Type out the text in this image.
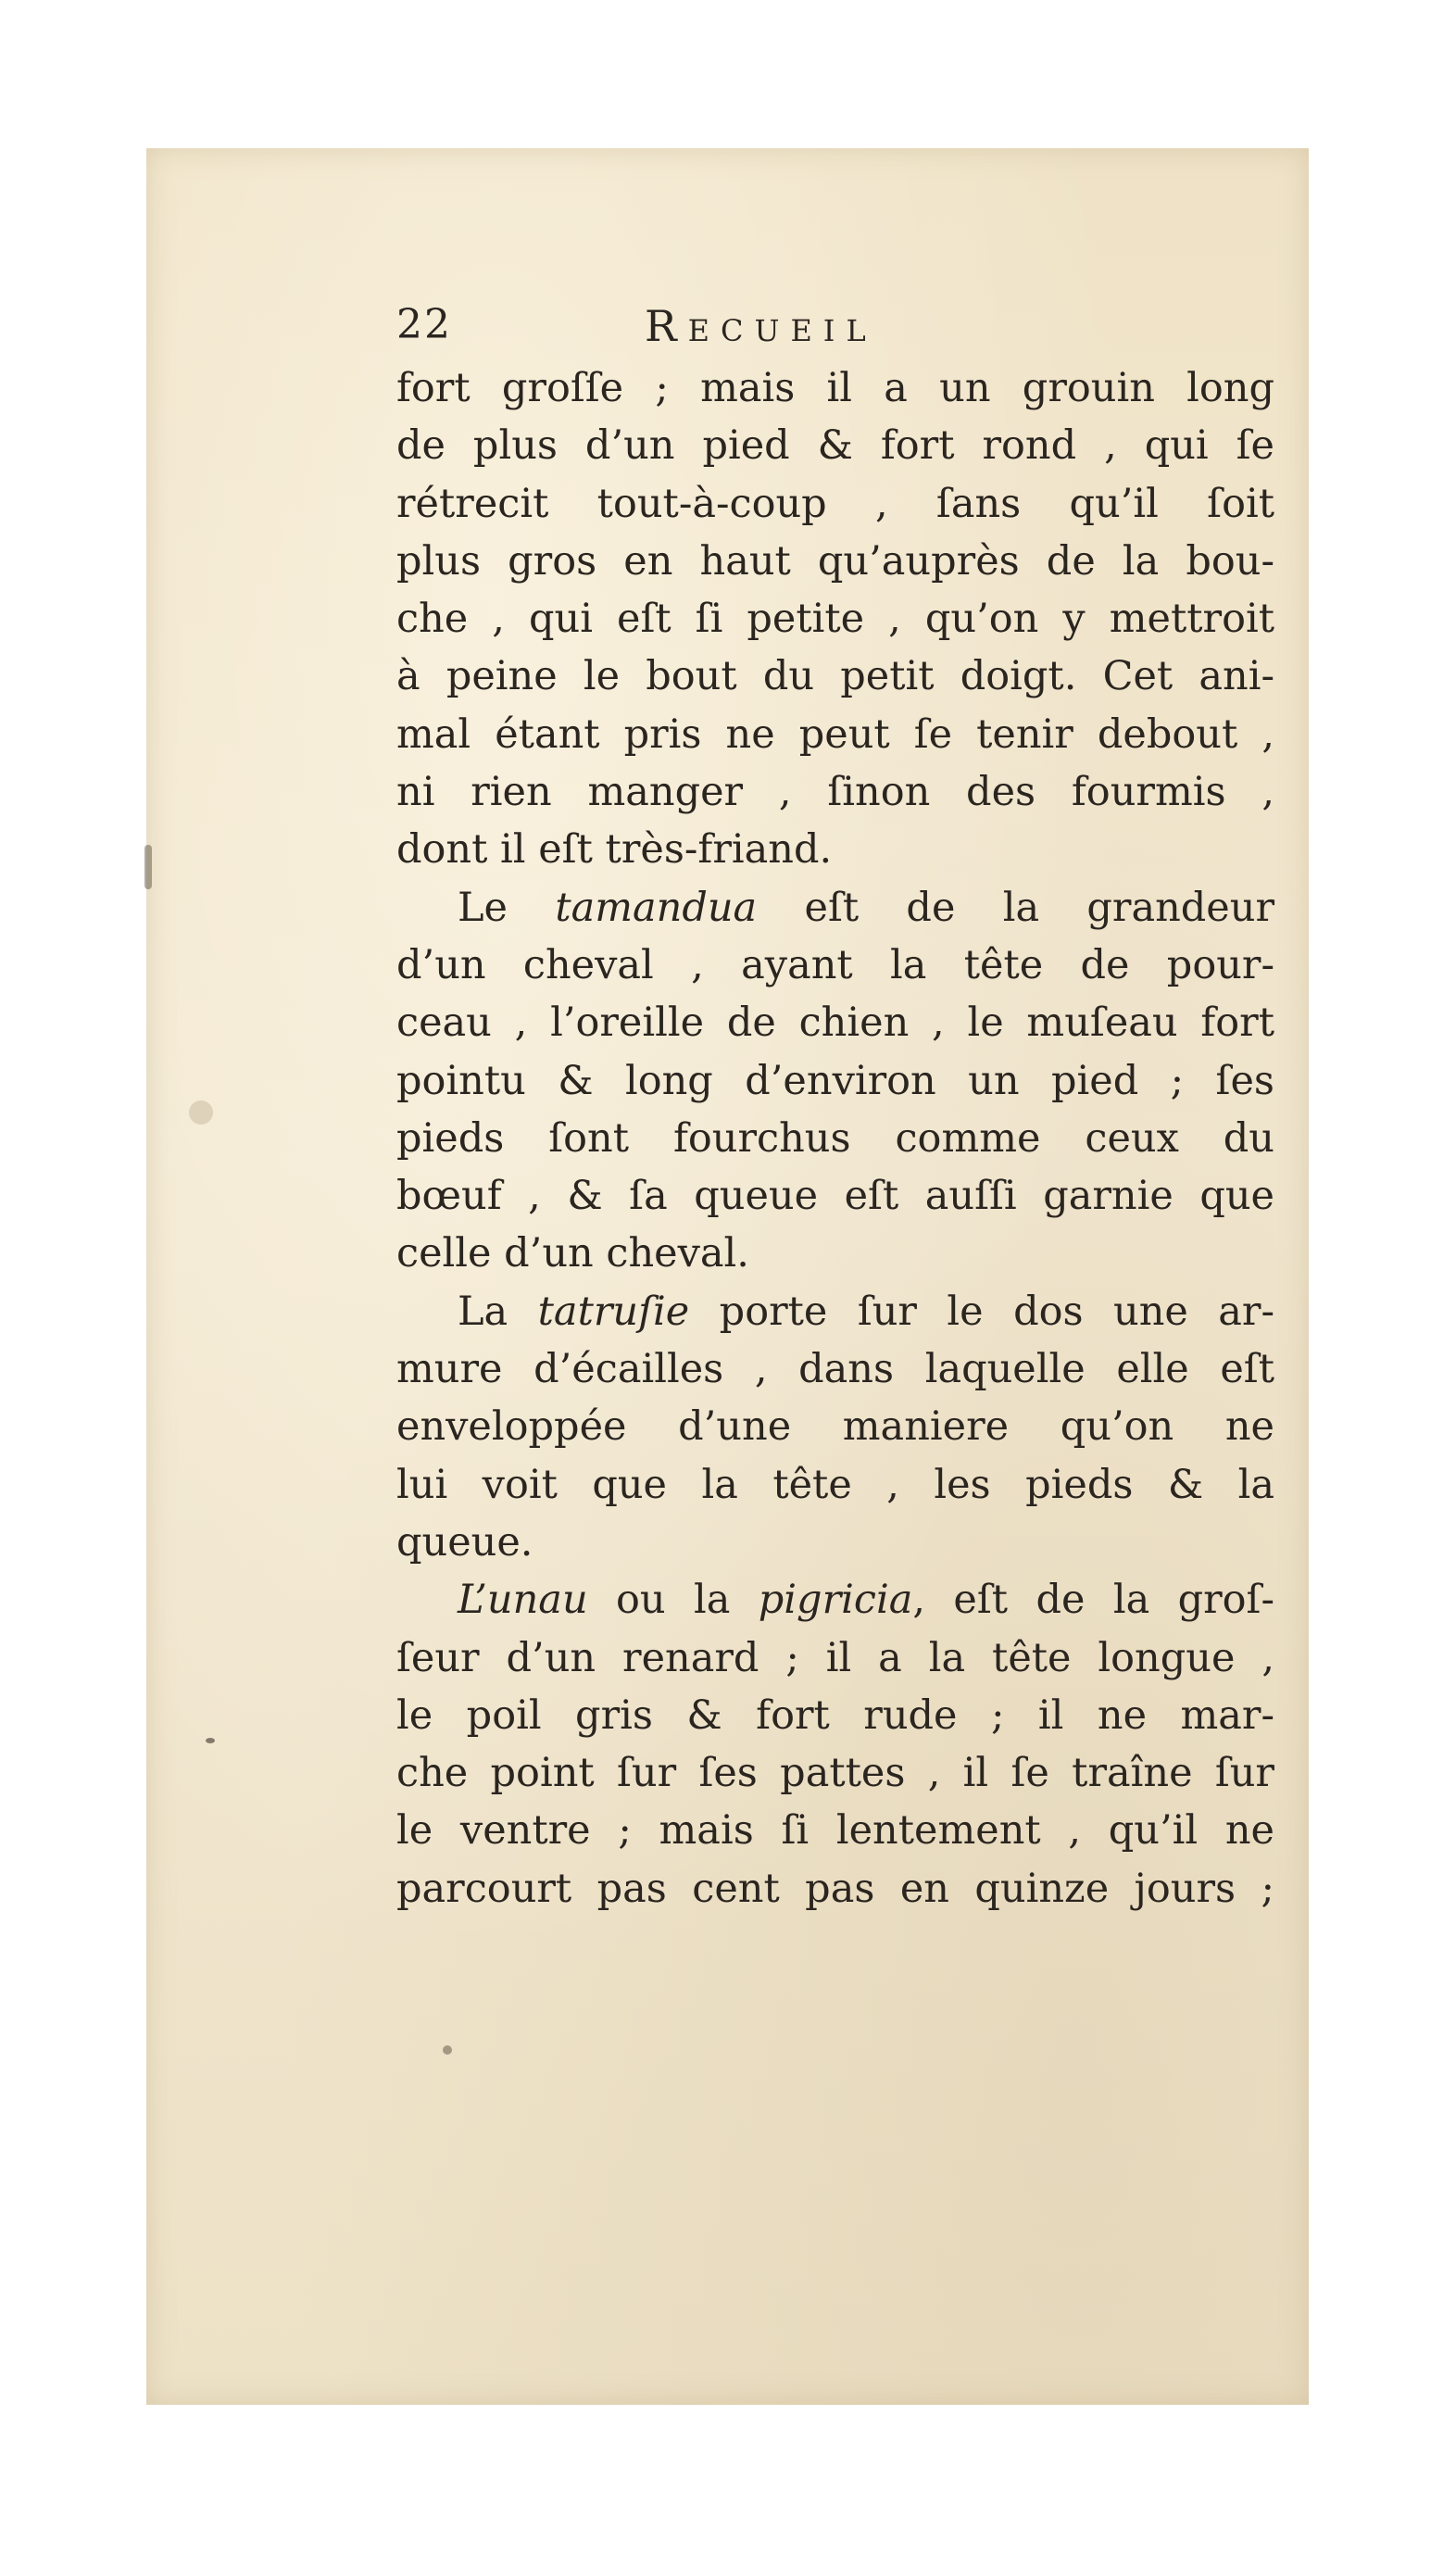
22	Recueil
fort groſſe ; mais il a un grouin long
de plus d’un pied & fort rond , qui ſe
rétrecit tout-à-coup , ſans qu’il ſoit
plus gros en haut qu’auprès de la bou-
che , qui eſt ſi petite , qu’on y mettroit
à peine le bout du petit doigt. Cet ani-
mal étant pris ne peut ſe tenir debout ,
ni rien manger , ſinon des fourmis ,
dont il eſt très-friand.
Le tamandua eſt de la grandeur
d’un cheval , ayant la tête de pour-
ceau , l’oreille de chien , le muſeau fort
pointu & long d’environ un pied ; ſes
pieds ſont fourchus comme ceux du
bœuf , & ſa queue eſt auſſi garnie que
celle d’un cheval.
La tatruſie porte ſur le dos une ar-
mure d’écailles , dans laquelle elle eſt
enveloppée d’une maniere qu’on ne
lui voit que la tête , les pieds & la
queue.
L’unau ou la pigricia, eſt de la groſ-
ſeur d’un renard ; il a la tête longue ,
le poil gris & fort rude ; il ne mar-
che point ſur ſes pattes , il ſe traîne ſur
le ventre ; mais ſi lentement , qu’il ne
parcourt pas cent pas en quinze jours ;
